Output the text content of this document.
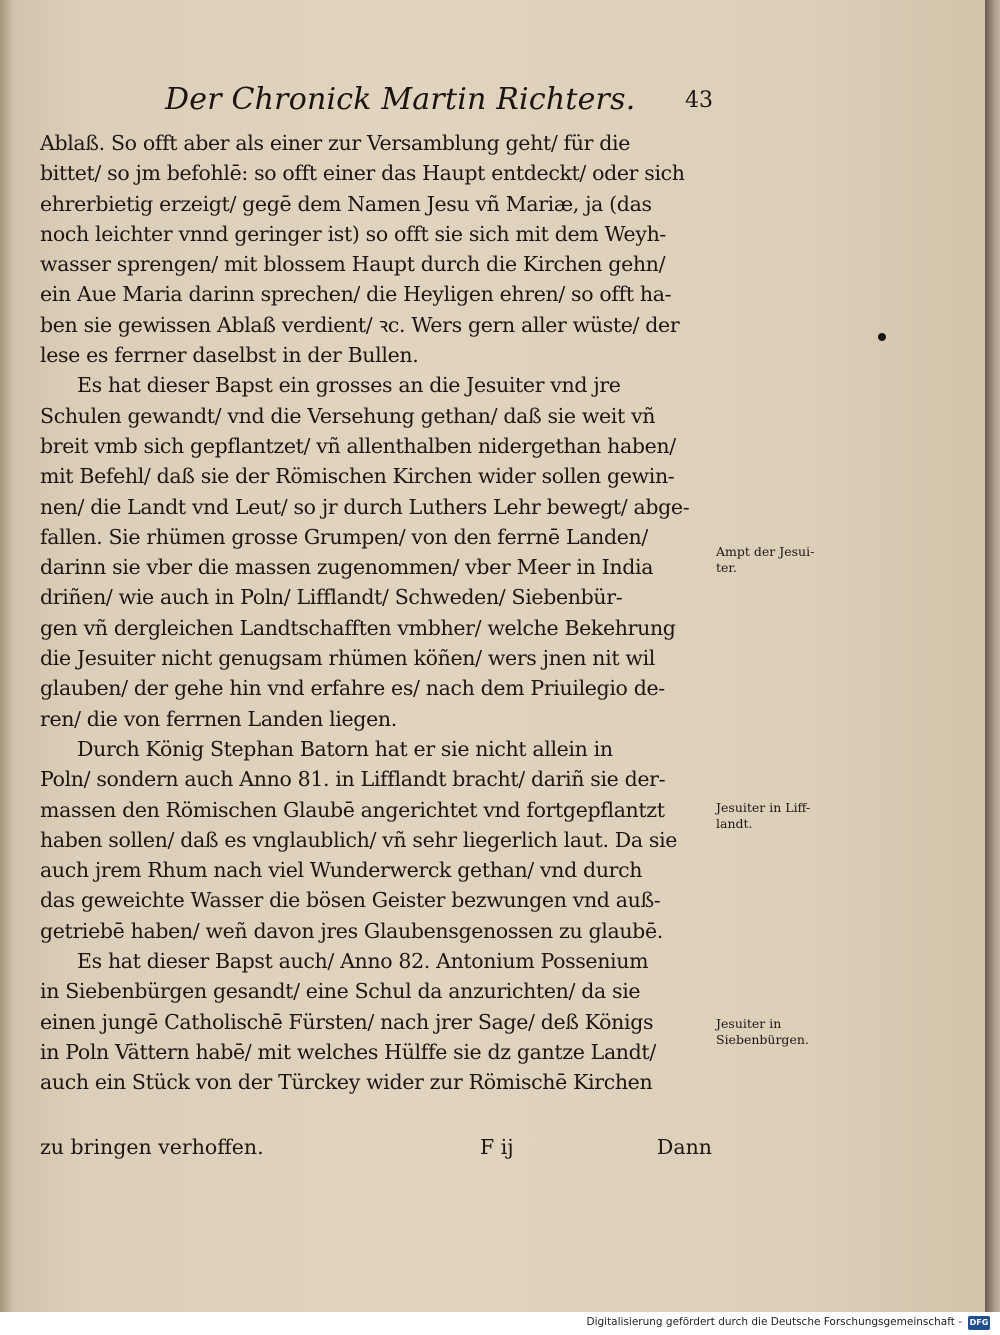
Der Chronick Martin Richters. 43
Ablaß. So offt aber als einer zur Versamblung geht/ für die
bittet/ so jm befohlē: so offt einer das Haupt entdeckt/ oder sich
ehrerbietig erzeigt/ gegē dem Namen Jesu vñ Mariæ, ja (das
noch leichter vnnd geringer ist) so offt sie sich mit dem Weyh-
wasser sprengen/ mit blossem Haupt durch die Kirchen gehn/
ein Aue Maria darinn sprechen/ die Heyligen ehren/ so offt ha-
ben sie gewissen Ablaß verdient/ ꝛc. Wers gern aller wüste/ der
lese es ferrner daselbst in der Bullen.
Es hat dieser Bapst ein grosses an die Jesuiter vnd jre
Schulen gewandt/ vnd die Versehung gethan/ daß sie weit vñ
breit vmb sich gepflantzet/ vñ allenthalben nidergethan haben/
mit Befehl/ daß sie der Römischen Kirchen wider sollen gewin-
nen/ die Landt vnd Leut/ so jr durch Luthers Lehr bewegt/ abge-
fallen. Sie rhümen grosse Grumpen/ von den ferrnē Landen/
darinn sie vber die massen zugenommen/ vber Meer in India
driñen/ wie auch in Poln/ Lifflandt/ Schweden/ Siebenbür-
gen vñ dergleichen Landtschafften vmbher/ welche Bekehrung
die Jesuiter nicht genugsam rhümen köñen/ wers jnen nit wil
glauben/ der gehe hin vnd erfahre es/ nach dem Priuilegio de-
ren/ die von ferrnen Landen liegen.
Durch König Stephan Batorn hat er sie nicht allein in
Poln/ sondern auch Anno 81. in Lifflandt bracht/ dariñ sie der-
massen den Römischen Glaubē angerichtet vnd fortgepflantzt
haben sollen/ daß es vnglaublich/ vñ sehr liegerlich laut. Da sie
auch jrem Rhum nach viel Wunderwerck gethan/ vnd durch
das geweichte Wasser die bösen Geister bezwungen vnd auß-
getriebē haben/ weñ davon jres Glaubensgenossen zu glaubē.
Es hat dieser Bapst auch/ Anno 82. Antonium Possenium
in Siebenbürgen gesandt/ eine Schul da anzurichten/ da sie
einen jungē Catholischē Fürsten/ nach jrer Sage/ deß Königs
in Poln Vättern habē/ mit welches Hülffe sie dz gantze Landt/
auch ein Stück von der Türckey wider zur Römischē Kirchen
zu bringen verhoffen.	F ij	Dann
Ampt der Jesui-
ter.
Jesuiter in Liff-
landt.
Jesuiter in
Siebenbürgen.
Digitalisierung gefördert durch die Deutsche Forschungsgemeinschaft - DFG
